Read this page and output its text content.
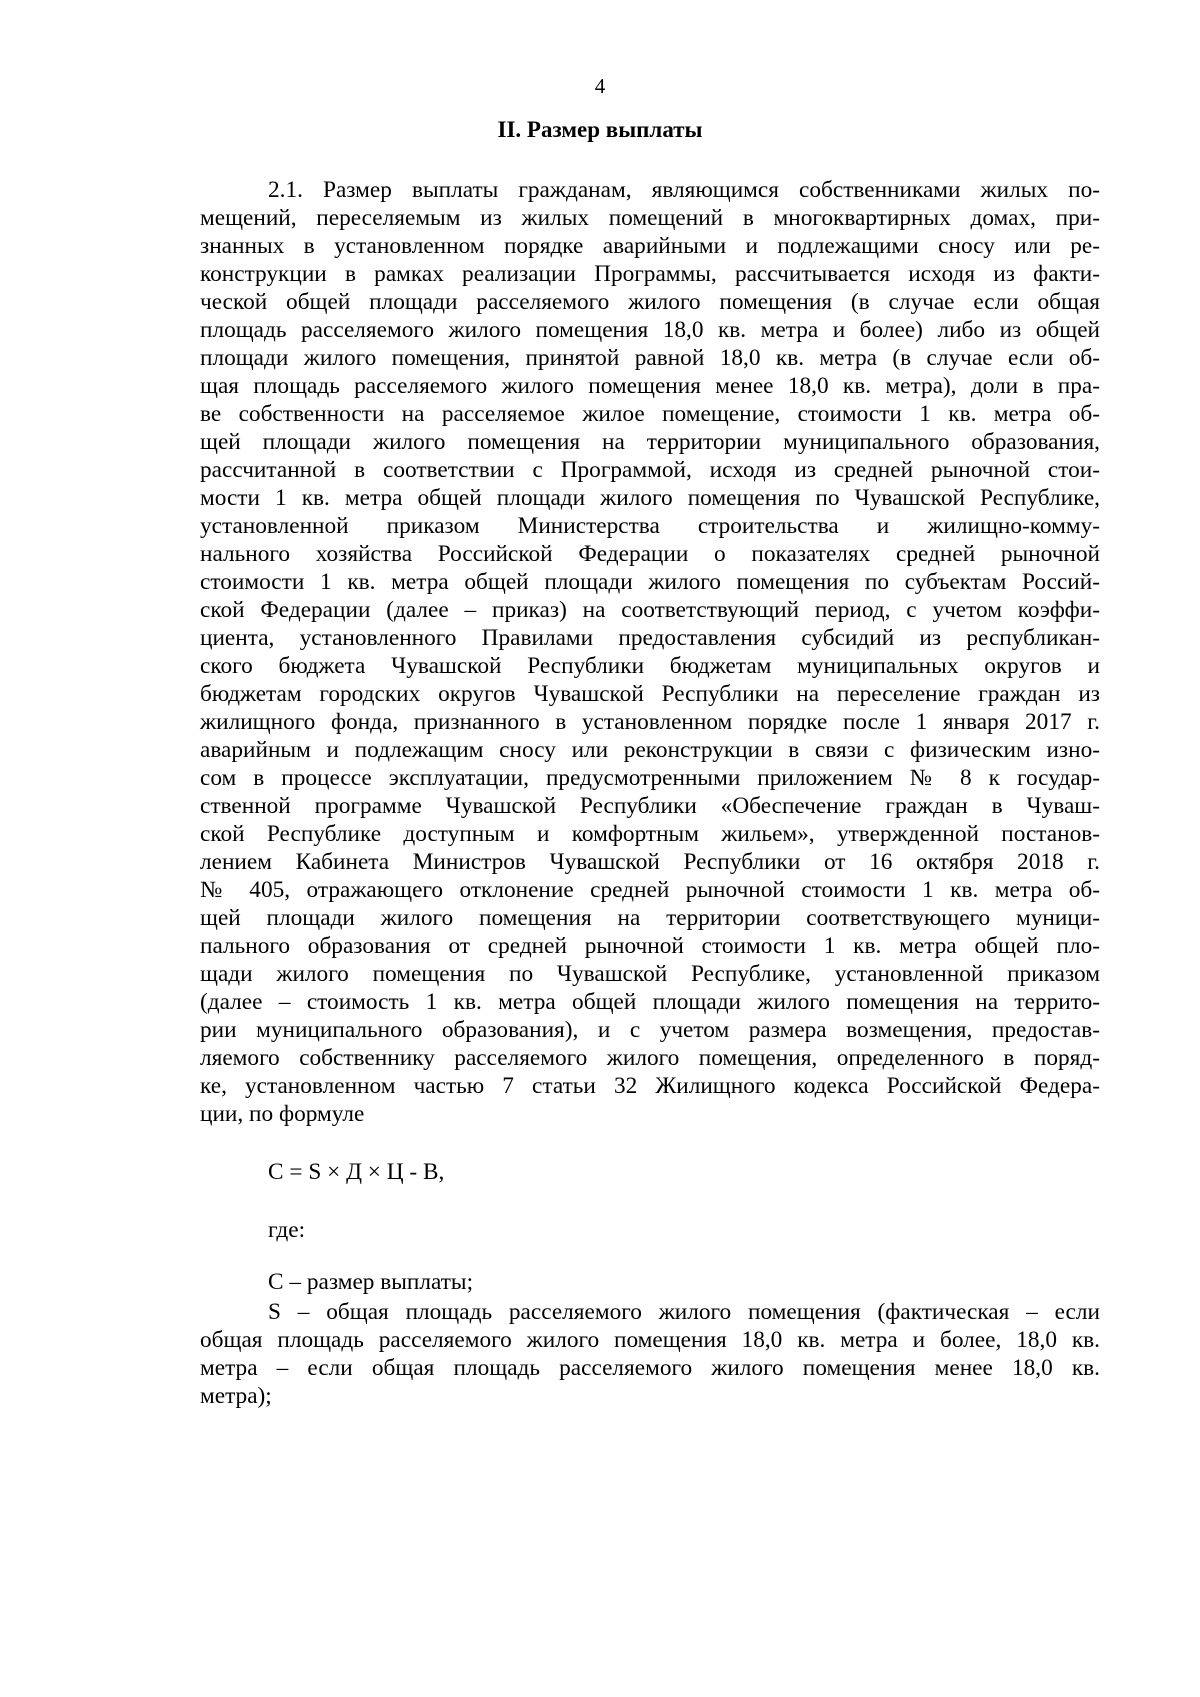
4
II. Размер выплаты
2.1. Размер выплаты гражданам, являющимся собственниками жилых по-
мещений, переселяемым из жилых помещений в многоквартирных домах, при-
знанных в установленном порядке аварийными и подлежащими сносу или ре-
конструкции в рамках реализации Программы, рассчитывается исходя из факти-
ческой общей площади расселяемого жилого помещения (в случае если общая
площадь расселяемого жилого помещения 18,0 кв. метра и более) либо из общей
площади жилого помещения, принятой равной 18,0 кв. метра (в случае если об-
щая площадь расселяемого жилого помещения менее 18,0 кв. метра), доли в пра-
ве собственности на расселяемое жилое помещение, стоимости 1 кв. метра об-
щей площади жилого помещения на территории муниципального образования,
рассчитанной в соответствии с Программой, исходя из средней рыночной стои-
мости 1 кв. метра общей площади жилого помещения по Чувашской Республике,
установленной приказом Министерства строительства и жилищно-комму-
нального хозяйства Российской Федерации о показателях средней рыночной
стоимости 1 кв. метра общей площади жилого помещения по субъектам Россий-
ской Федерации (далее – приказ) на соответствующий период, с учетом коэффи-
циента, установленного Правилами предоставления субсидий из республикан-
ского бюджета Чувашской Республики бюджетам муниципальных округов и
бюджетам городских округов Чувашской Республики на переселение граждан из
жилищного фонда, признанного в установленном порядке после 1 января 2017 г.
аварийным и подлежащим сносу или реконструкции в связи с физическим изно-
сом в процессе эксплуатации, предусмотренными приложением № 8 к государ-
ственной программе Чувашской Республики «Обеспечение граждан в Чуваш-
ской Республике доступным и комфортным жильем», утвержденной постанов-
лением Кабинета Министров Чувашской Республики от 16 октября 2018 г.
№ 405, отражающего отклонение средней рыночной стоимости 1 кв. метра об-
щей площади жилого помещения на территории соответствующего муници-
пального образования от средней рыночной стоимости 1 кв. метра общей пло-
щади жилого помещения по Чувашской Республике, установленной приказом
(далее – стоимость 1 кв. метра общей площади жилого помещения на террито-
рии муниципального образования), и с учетом размера возмещения, предостав-
ляемого собственнику расселяемого жилого помещения, определенного в поряд-
ке, установленном частью 7 статьи 32 Жилищного кодекса Российской Федера-
ции, по формуле
С = S × Д × Ц - В,
где:
С – размер выплаты;
S – общая площадь расселяемого жилого помещения (фактическая – если
общая площадь расселяемого жилого помещения 18,0 кв. метра и более, 18,0 кв.
метра – если общая площадь расселяемого жилого помещения менее 18,0 кв.
метра);
